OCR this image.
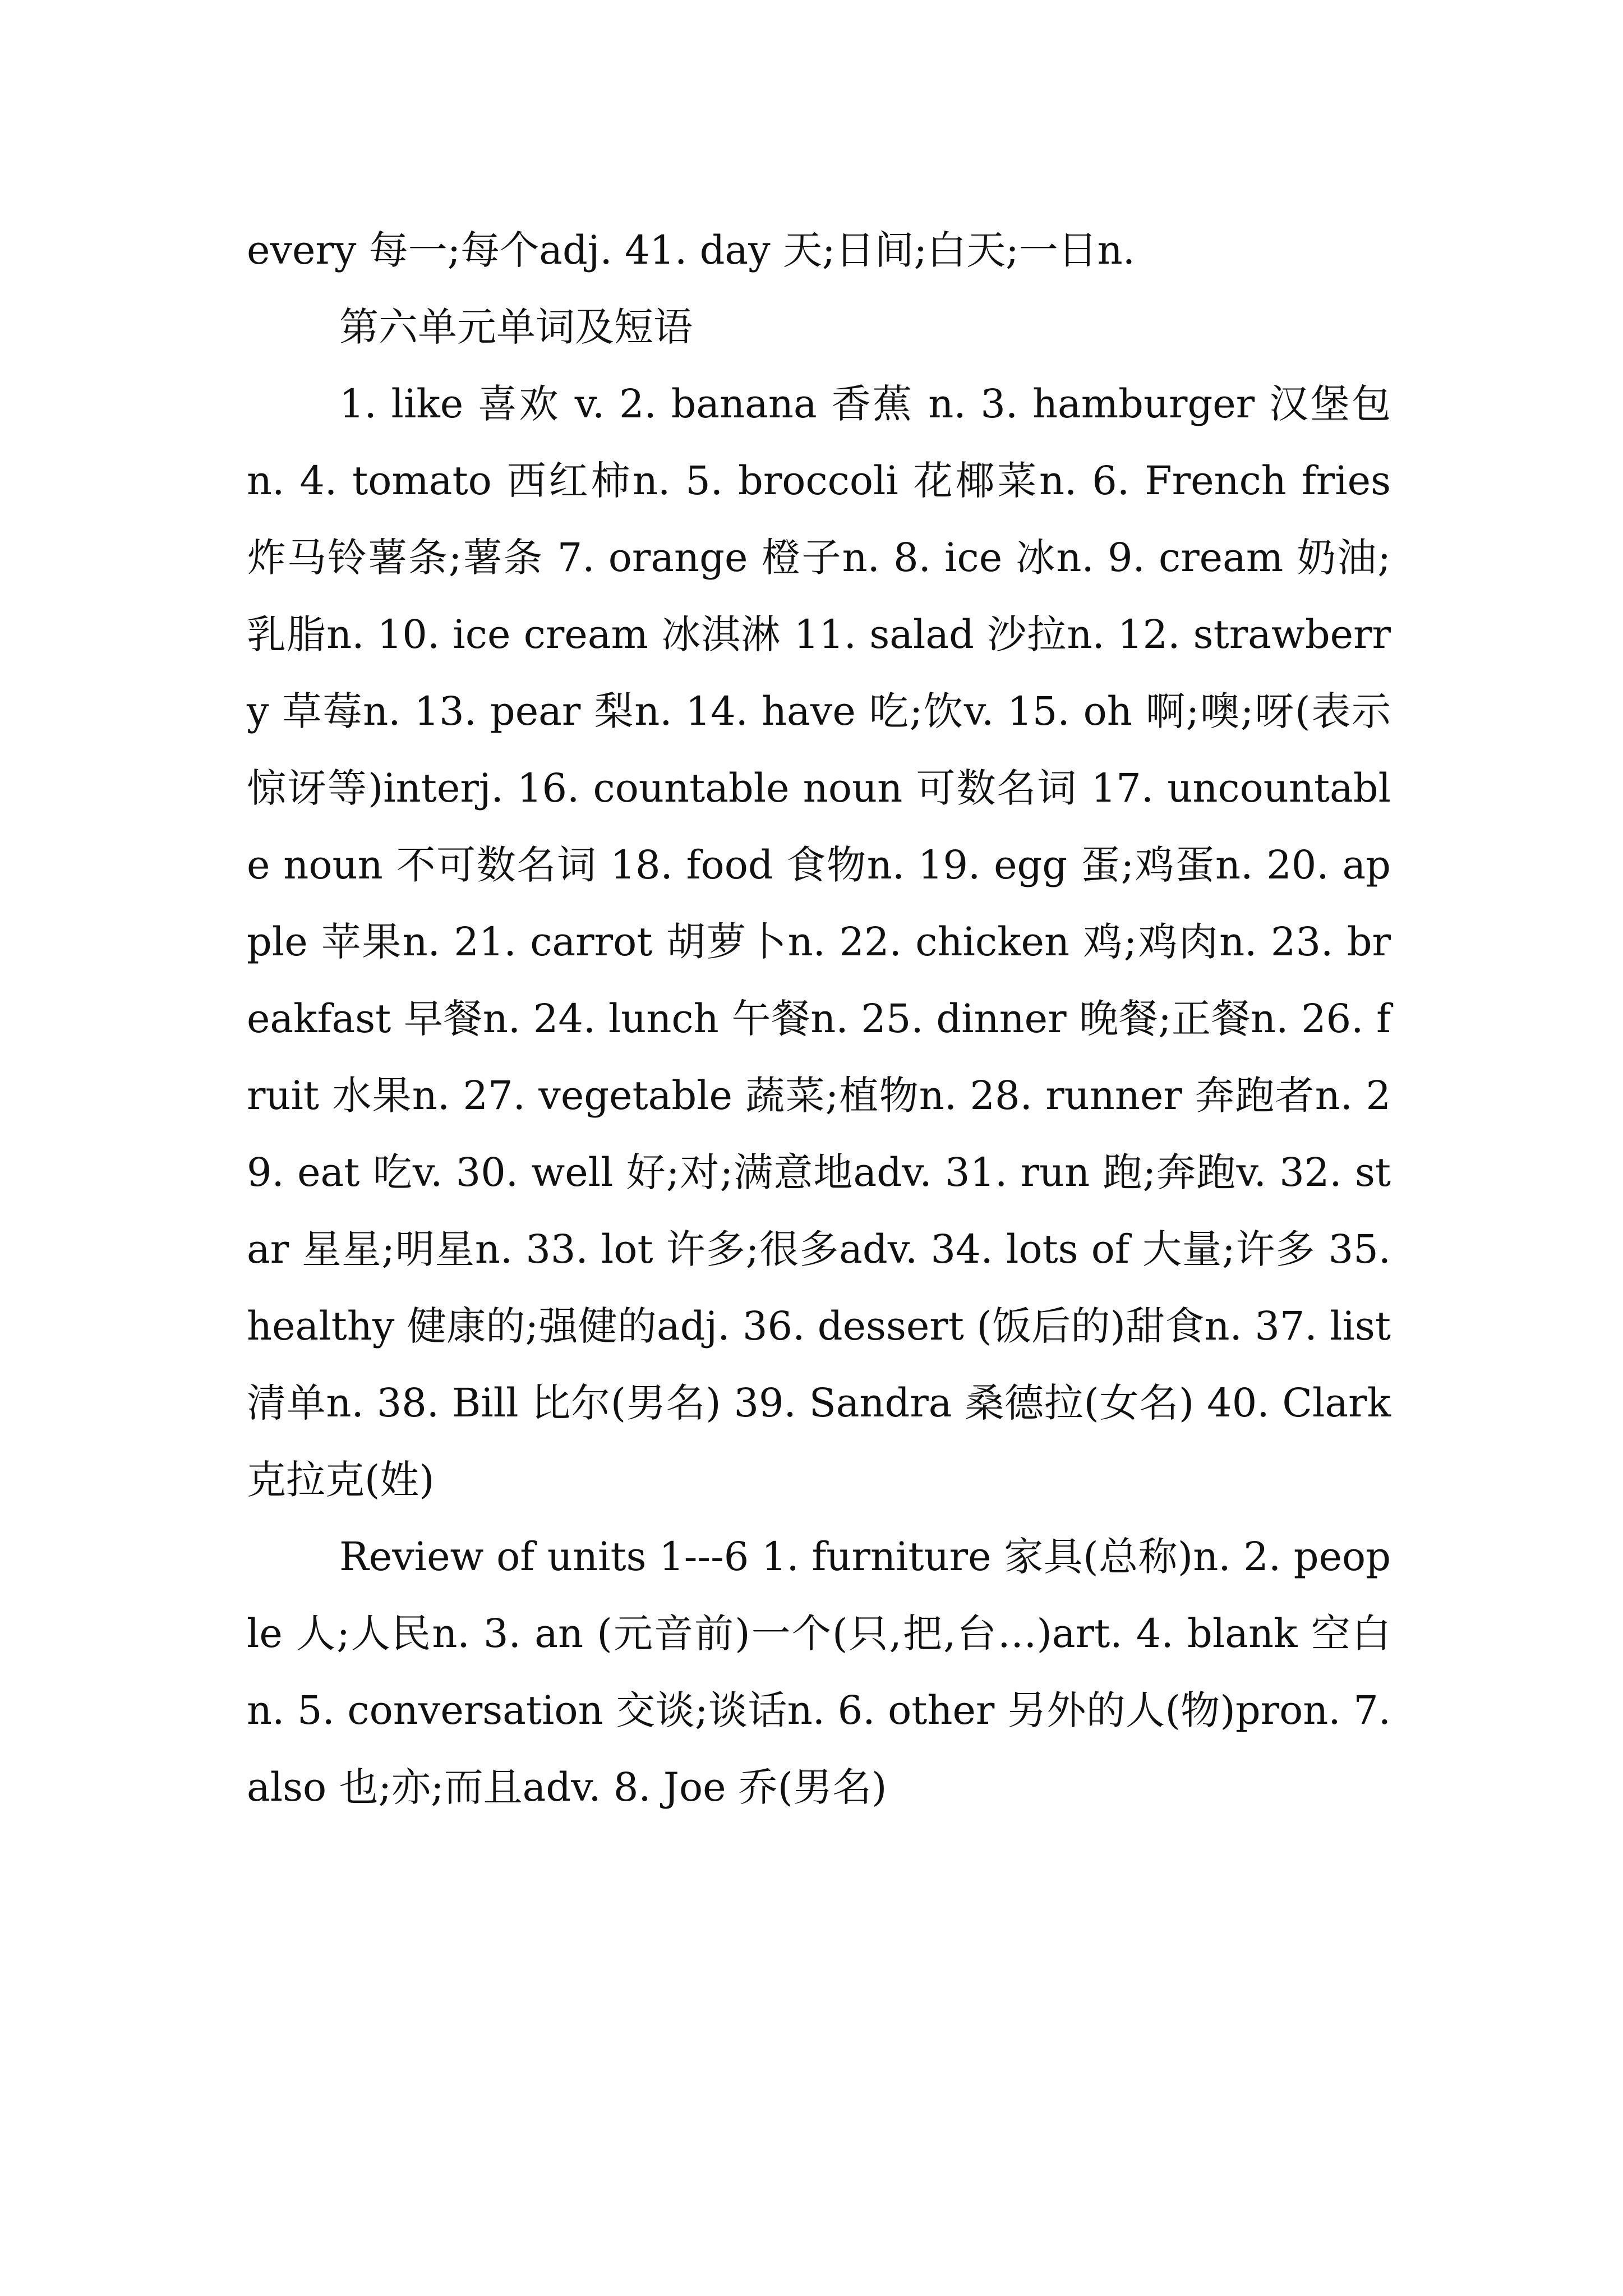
every 每一;每个adj. 41. day 天;日间;白天;一日n.

第六单元单词及短语

1. like 喜欢 v. 2. banana 香蕉 n. 3. hamburger 汉堡包n. 4. tomato 西红柿n. 5. broccoli 花椰菜n. 6. French fries 炸马铃薯条;薯条 7. orange 橙子n. 8. ice 冰n. 9. cream 奶油;乳脂n. 10. ice cream 冰淇淋 11. salad 沙拉n. 12. strawberry 草莓n. 13. pear 梨n. 14. have 吃;饮v. 15. oh 啊;噢;呀(表示惊讶等)interj. 16. countable noun 可数名词 17. uncountable noun 不可数名词 18. food 食物n. 19. egg 蛋;鸡蛋n. 20. apple 苹果n. 21. carrot 胡萝卜n. 22. chicken 鸡;鸡肉n. 23. breakfast 早餐n. 24. lunch 午餐n. 25. dinner 晚餐;正餐n. 26. fruit 水果n. 27. vegetable 蔬菜;植物n. 28. runner 奔跑者n. 29. eat 吃v. 30. well 好;对;满意地adv. 31. run 跑;奔跑v. 32. star 星星;明星n. 33. lot 许多;很多adv. 34. lots of 大量;许多 35. healthy 健康的;强健的adj. 36. dessert (饭后的)甜食n. 37. list 清单n. 38. Bill 比尔(男名) 39. Sandra 桑德拉(女名) 40. Clark 克拉克(姓)

Review of units 1---6 1. furniture 家具(总称)n. 2. people 人;人民n. 3. an (元音前)一个(只,把,台…)art. 4. blank 空白n. 5. conversation 交谈;谈话n. 6. other 另外的人(物)pron. 7. also 也;亦;而且adv. 8. Joe 乔(男名)
